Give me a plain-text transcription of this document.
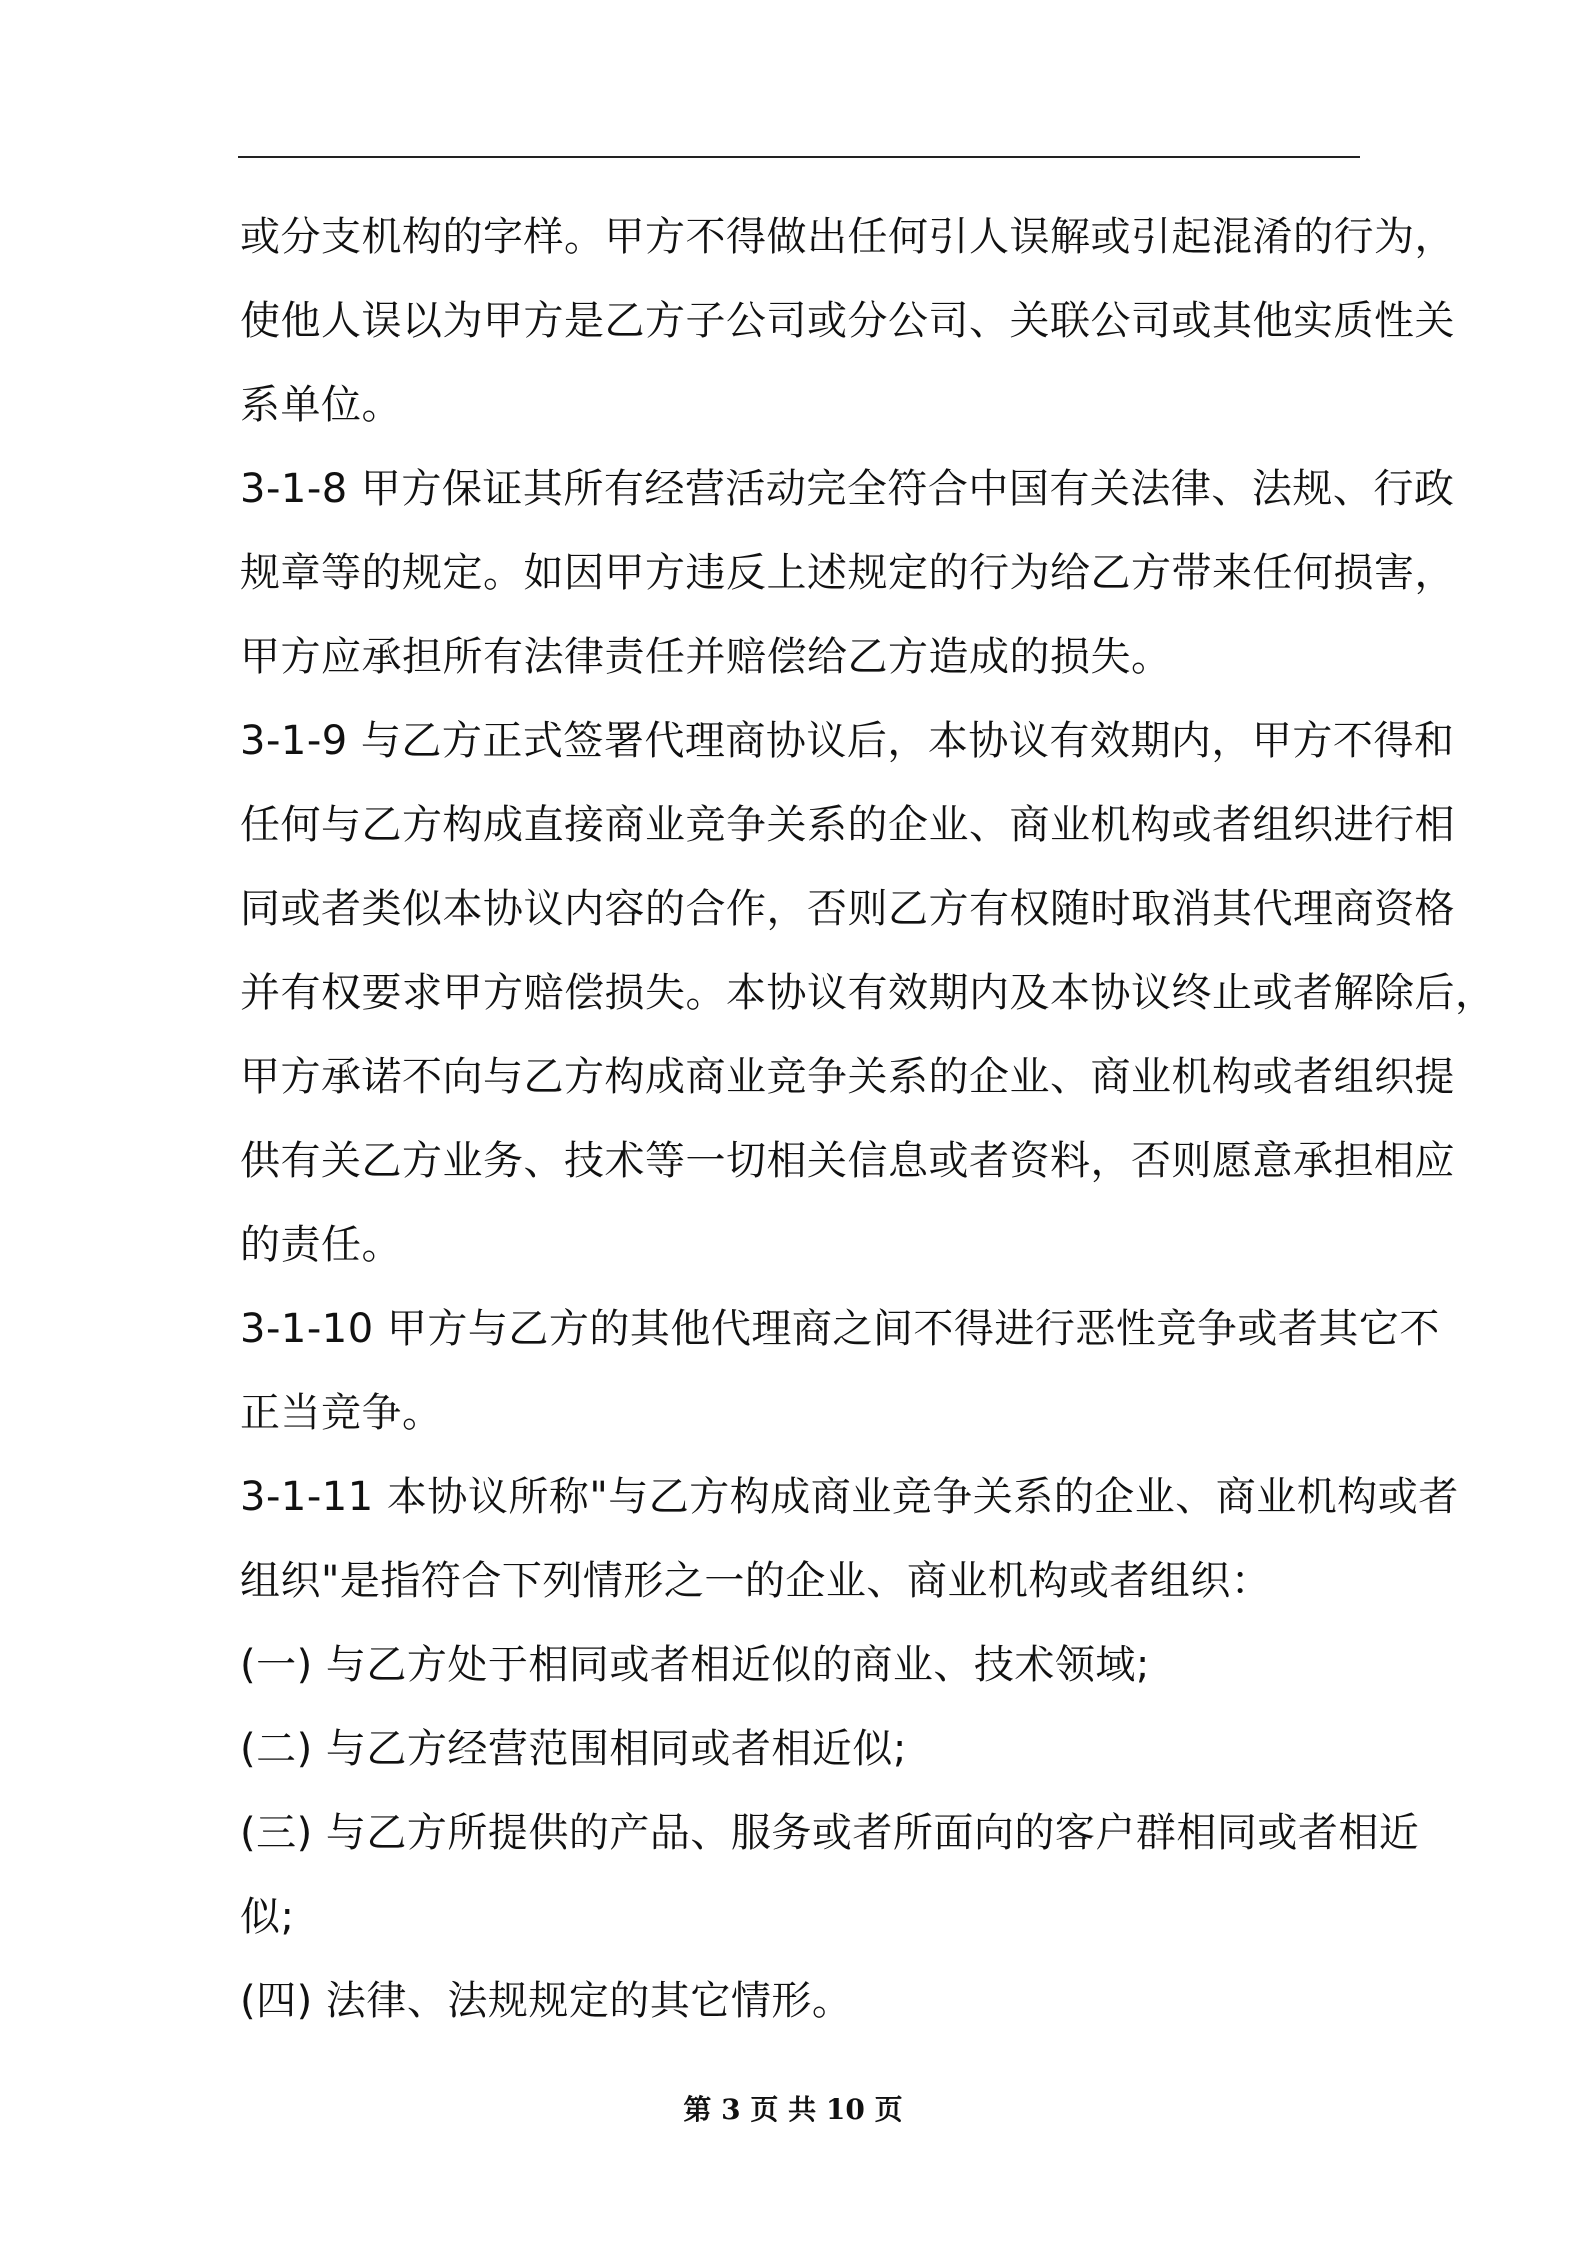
或分支机构的字样。甲方不得做出任何引人误解或引起混淆的行为，
使他人误以为甲方是乙方子公司或分公司、关联公司或其他实质性关
系单位。
3-1-8 甲方保证其所有经营活动完全符合中国有关法律、法规、行政
规章等的规定。如因甲方违反上述规定的行为给乙方带来任何损害，
甲方应承担所有法律责任并赔偿给乙方造成的损失。
3-1-9 与乙方正式签署代理商协议后，本协议有效期内，甲方不得和
任何与乙方构成直接商业竞争关系的企业、商业机构或者组织进行相
同或者类似本协议内容的合作，否则乙方有权随时取消其代理商资格
并有权要求甲方赔偿损失。本协议有效期内及本协议终止或者解除后，
甲方承诺不向与乙方构成商业竞争关系的企业、商业机构或者组织提
供有关乙方业务、技术等一切相关信息或者资料，否则愿意承担相应
的责任。
3-1-10 甲方与乙方的其他代理商之间不得进行恶性竞争或者其它不
正当竞争。
3-1-11 本协议所称"与乙方构成商业竞争关系的企业、商业机构或者
组织"是指符合下列情形之一的企业、商业机构或者组织：
(一) 与乙方处于相同或者相近似的商业、技术领域;
(二) 与乙方经营范围相同或者相近似;
(三) 与乙方所提供的产品、服务或者所面向的客户群相同或者相近
似;
(四) 法律、法规规定的其它情形。
第 3 页 共 10 页
